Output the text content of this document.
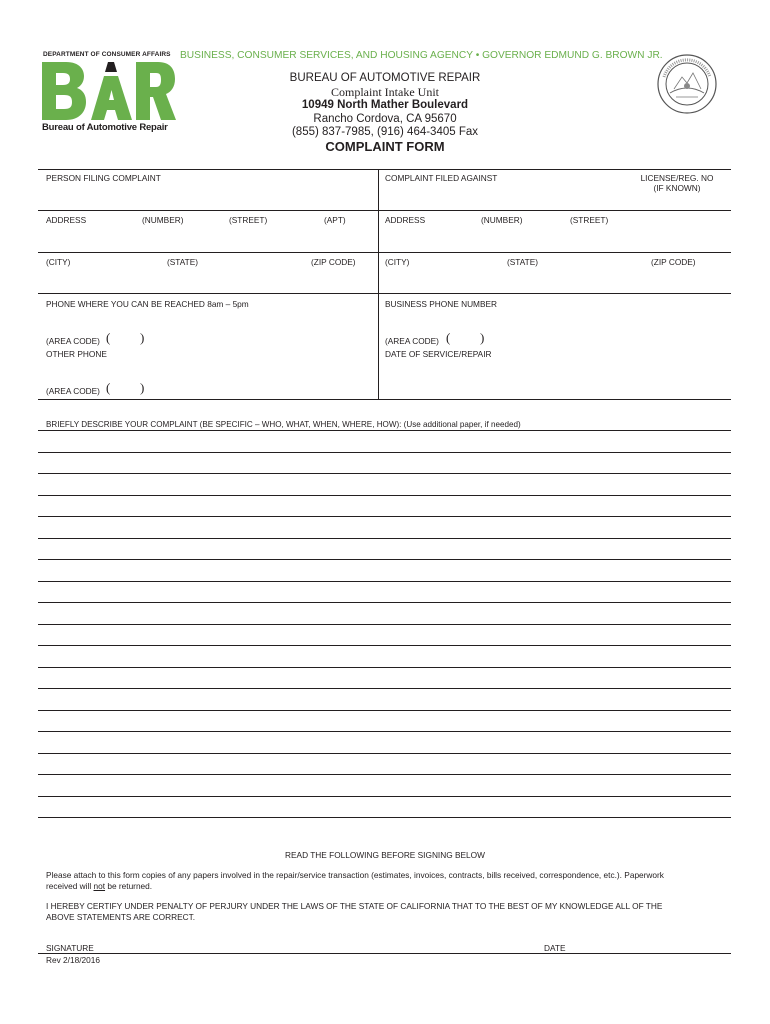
DEPARTMENT OF CONSUMER AFFAIRS BUSINESS, CONSUMER SERVICES, AND HOUSING AGENCY • GOVERNOR EDMUND G. BROWN JR.
Bureau of Automotive Repair
BUREAU OF AUTOMOTIVE REPAIR
Complaint Intake Unit
10949 North Mather Boulevard
Rancho Cordova, CA 95670
(855) 837-7985, (916) 464-3405 Fax
COMPLAINT FORM
PERSON FILING COMPLAINT	COMPLAINT FILED AGAINST	LICENSE/REG. NO
(IF KNOWN)
ADDRESS	(NUMBER)	(STREET)	(APT)	ADDRESS	(NUMBER)	(STREET)
(CITY)	(STATE)	(ZIP CODE)	(CITY)	(STATE)	(ZIP CODE)
PHONE WHERE YOU CAN BE REACHED 8am – 5pm	BUSINESS PHONE NUMBER
(AREA CODE) ( )	(AREA CODE) ( )
OTHER PHONE	DATE OF SERVICE/REPAIR
(AREA CODE) ( )
BRIEFLY DESCRIBE YOUR COMPLAINT (BE SPECIFIC – WHO, WHAT, WHEN, WHERE, HOW): (Use additional paper, if needed)
READ THE FOLLOWING BEFORE SIGNING BELOW
Please attach to this form copies of any papers involved in the repair/service transaction (estimates, invoices, contracts, bills received, correspondence, etc.). Paperwork
received will not be returned.
I HEREBY CERTIFY UNDER PENALTY OF PERJURY UNDER THE LAWS OF THE STATE OF CALIFORNIA THAT TO THE BEST OF MY KNOWLEDGE ALL OF THE
ABOVE STATEMENTS ARE CORRECT.
SIGNATURE	DATE
Rev 2/18/2016
